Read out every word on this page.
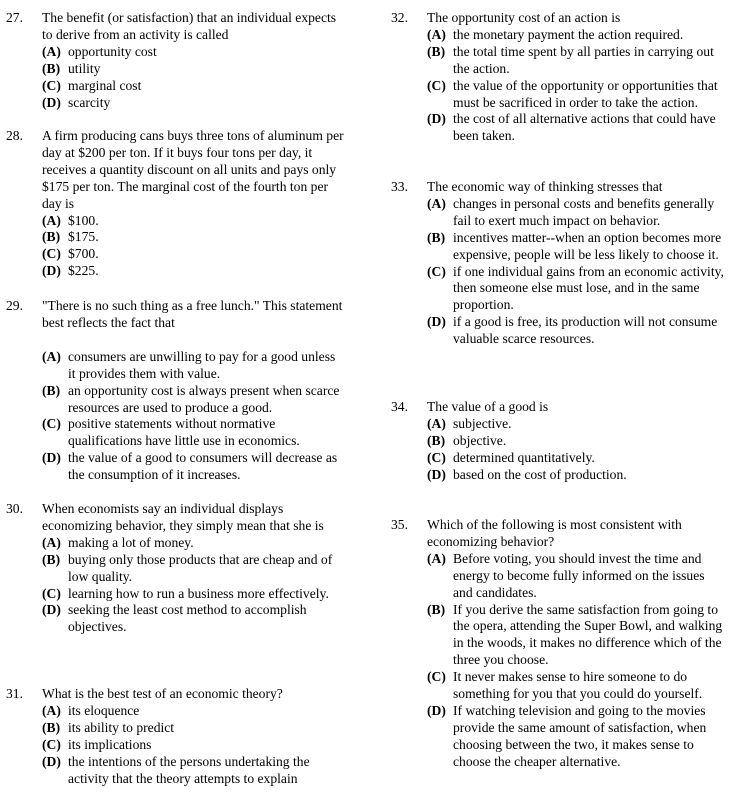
27. The benefit (or satisfaction) that an individual expects to derive from an activity is called
(A) opportunity cost
(B) utility
(C) marginal cost
(D) scarcity
28. A firm producing cans buys three tons of aluminum per day at $200 per ton. If it buys four tons per day, it receives a quantity discount on all units and pays only $175 per ton. The marginal cost of the fourth ton per day is
(A) $100.
(B) $175.
(C) $700.
(D) $225.
29. "There is no such thing as a free lunch." This statement best reflects the fact that
(A) consumers are unwilling to pay for a good unless it provides them with value.
(B) an opportunity cost is always present when scarce resources are used to produce a good.
(C) positive statements without normative qualifications have little use in economics.
(D) the value of a good to consumers will decrease as the consumption of it increases.
30. When economists say an individual displays economizing behavior, they simply mean that she is
(A) making a lot of money.
(B) buying only those products that are cheap and of low quality.
(C) learning how to run a business more effectively.
(D) seeking the least cost method to accomplish objectives.
31. What is the best test of an economic theory?
(A) its eloquence
(B) its ability to predict
(C) its implications
(D) the intentions of the persons undertaking the activity that the theory attempts to explain
32. The opportunity cost of an action is
(A) the monetary payment the action required.
(B) the total time spent by all parties in carrying out the action.
(C) the value of the opportunity or opportunities that must be sacrificed in order to take the action.
(D) the cost of all alternative actions that could have been taken.
33. The economic way of thinking stresses that
(A) changes in personal costs and benefits generally fail to exert much impact on behavior.
(B) incentives matter--when an option becomes more expensive, people will be less likely to choose it.
(C) if one individual gains from an economic activity, then someone else must lose, and in the same proportion.
(D) if a good is free, its production will not consume valuable scarce resources.
34. The value of a good is
(A) subjective.
(B) objective.
(C) determined quantitatively.
(D) based on the cost of production.
35. Which of the following is most consistent with economizing behavior?
(A) Before voting, you should invest the time and energy to become fully informed on the issues and candidates.
(B) If you derive the same satisfaction from going to the opera, attending the Super Bowl, and walking in the woods, it makes no difference which of the three you choose.
(C) It never makes sense to hire someone to do something for you that you could do yourself.
(D) If watching television and going to the movies provide the same amount of satisfaction, when choosing between the two, it makes sense to choose the cheaper alternative.
